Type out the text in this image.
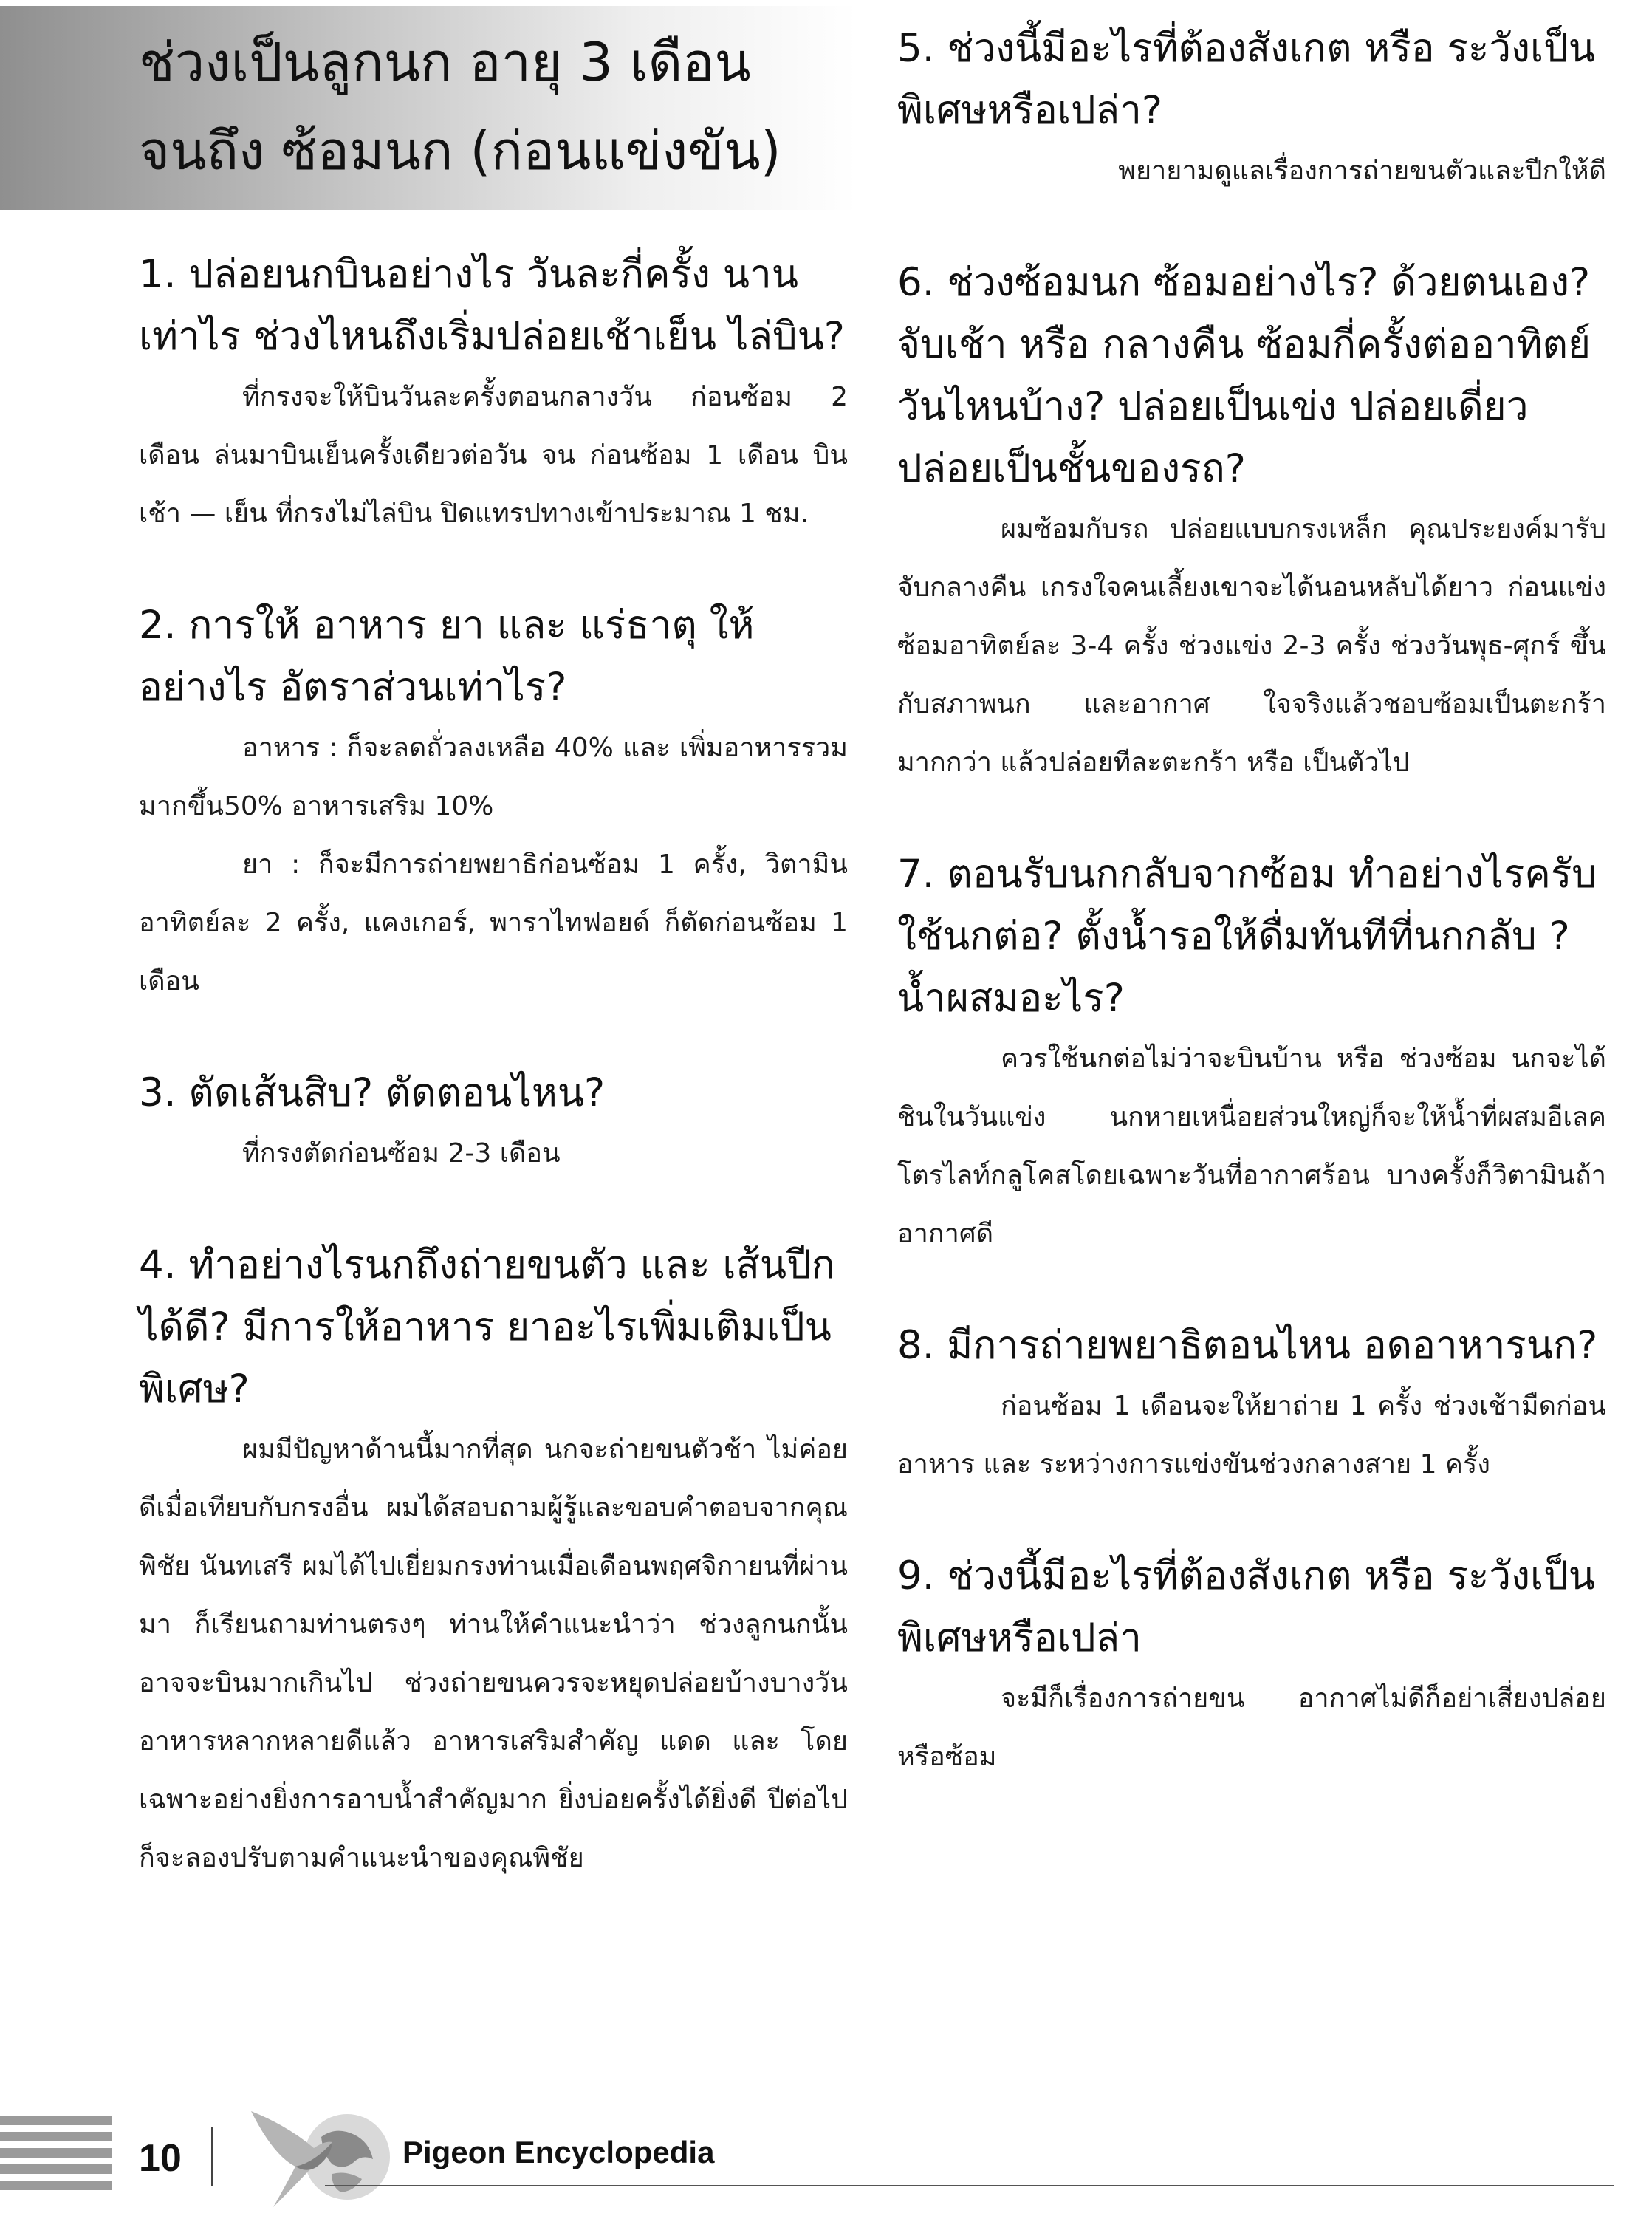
ช่วงเป็นลูกนก อายุ 3 เดือน
จนถึง ซ้อมนก (ก่อนแข่งขัน)

1. ปล่อยนกบินอย่างไร วันละกี่ครั้ง นานเท่าไร ช่วงไหนถึงเริ่มปล่อยเช้าเย็น ไล่บิน?

ที่กรงจะให้บินวันละครั้งตอนกลางวัน ก่อนซ้อม 2 เดือน ล่นมาบินเย็นครั้งเดียวต่อวัน จน ก่อนซ้อม 1 เดือน บินเช้า — เย็น ที่กรงไม่ไล่บิน ปิดแทรปทางเข้าประมาณ 1 ชม.

2. การให้ อาหาร ยา และ แร่ธาตุ ให้อย่างไร อัตราส่วนเท่าไร?

อาหาร : ก็จะลดถั่วลงเหลือ 40% และ เพิ่มอาหารรวมมากขึ้น50% อาหารเสริม 10%

ยา : ก็จะมีการถ่ายพยาธิก่อนซ้อม 1 ครั้ง, วิตามินอาทิตย์ละ 2 ครั้ง, แคงเกอร์, พาราไทฟอยด์ ก็ตัดก่อนซ้อม 1 เดือน

3. ตัดเส้นสิบ? ตัดตอนไหน?

ที่กรงตัดก่อนซ้อม 2-3 เดือน

4. ทำอย่างไรนกถึงถ่ายขนตัว และ เส้นปีกได้ดี? มีการให้อาหาร ยาอะไรเพิ่มเติมเป็นพิเศษ?

ผมมีปัญหาด้านนี้มากที่สุด นกจะถ่ายขนตัวช้า ไม่ค่อยดีเมื่อเทียบกับกรงอื่น ผมได้สอบถามผู้รู้และขอบคำตอบจากคุณพิชัย นันทเสรี ผมได้ไปเยี่ยมกรงท่านเมื่อเดือนพฤศจิกายนที่ผ่านมา ก็เรียนถามท่านตรงๆ ท่านให้คำแนะนำว่า ช่วงลูกนกนั้นอาจจะบินมากเกินไป ช่วงถ่ายขนควรจะหยุดปล่อยบ้างบางวัน อาหารหลากหลายดีแล้ว อาหารเสริมสำคัญ แดด และ โดยเฉพาะอย่างยิ่งการอาบน้ำสำคัญมาก ยิ่งบ่อยครั้งได้ยิ่งดี ปีต่อไปก็จะลองปรับตามคำแนะนำของคุณพิชัย

5. ช่วงนี้มีอะไรที่ต้องสังเกต หรือ ระวังเป็นพิเศษหรือเปล่า?

พยายามดูแลเรื่องการถ่ายขนตัวและปีกให้ดี

6. ช่วงซ้อมนก ซ้อมอย่างไร? ด้วยตนเอง? จับเช้า หรือ กลางคืน ซ้อมกี่ครั้งต่ออาทิตย์ วันไหนบ้าง? ปล่อยเป็นเข่ง ปล่อยเดี่ยว ปล่อยเป็นชั้นของรถ?

ผมซ้อมกับรถ ปล่อยแบบกรงเหล็ก คุณประยงค์มารับ จับกลางคืน เกรงใจคนเลี้ยงเขาจะได้นอนหลับได้ยาว ก่อนแข่งซ้อมอาทิตย์ละ 3-4 ครั้ง ช่วงแข่ง 2-3 ครั้ง ช่วงวันพุธ-ศุกร์ ขึ้นกับสภาพนก และอากาศ ใจจริงแล้วชอบซ้อมเป็นตะกร้ามากกว่า แล้วปล่อยทีละตะกร้า หรือ เป็นตัวไป

7. ตอนรับนกกลับจากซ้อม ทำอย่างไรครับ ใช้นกต่อ? ตั้งน้ำรอให้ดื่มทันทีที่นกกลับ ? น้ำผสมอะไร?

ควรใช้นกต่อไม่ว่าจะบินบ้าน หรือ ช่วงซ้อม นกจะได้ชินในวันแข่ง นกหายเหนื่อยส่วนใหญ่ก็จะให้น้ำที่ผสมอีเลคโตรไลท์กลูโคสโดยเฉพาะวันที่อากาศร้อน บางครั้งก็วิตามินถ้าอากาศดี

8. มีการถ่ายพยาธิตอนไหน อดอาหารนก?

ก่อนซ้อม 1 เดือนจะให้ยาถ่าย 1 ครั้ง ช่วงเช้ามืดก่อนอาหาร และ ระหว่างการแข่งขันช่วงกลางสาย 1 ครั้ง

9. ช่วงนี้มีอะไรที่ต้องสังเกต หรือ ระวังเป็นพิเศษหรือเปล่า

จะมีก็เรื่องการถ่ายขน อากาศไม่ดีก็อย่าเสี่ยงปล่อยหรือซ้อม

10	Pigeon Encyclopedia
